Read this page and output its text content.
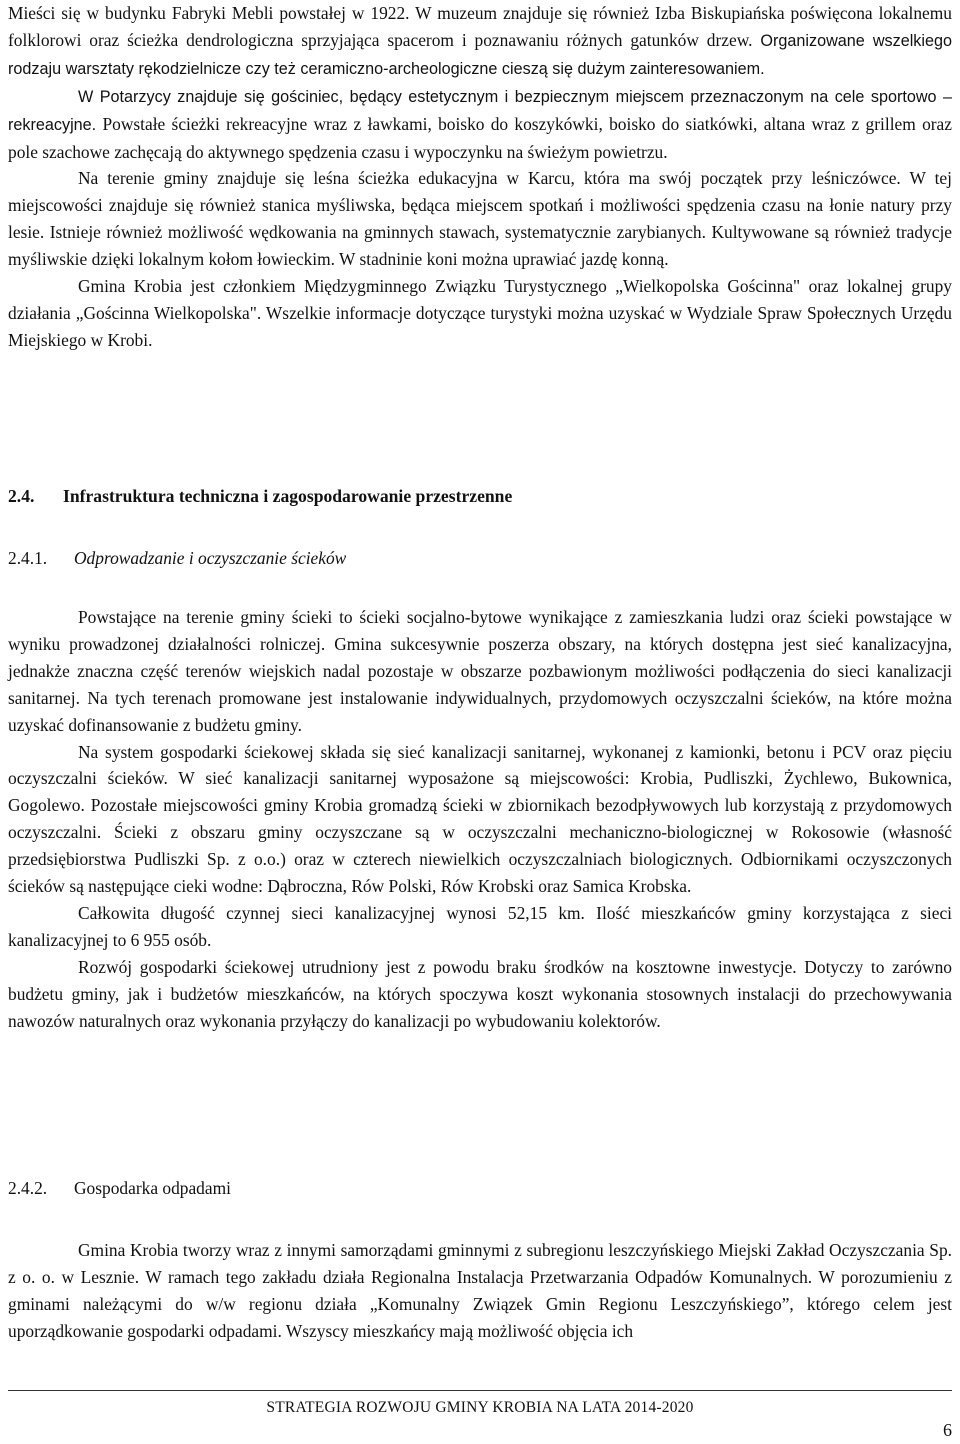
Mieści się w budynku Fabryki Mebli powstałej w 1922. W muzeum znajduje się również Izba Biskupiańska poświęcona lokalnemu folklorowi oraz ścieżka dendrologiczna sprzyjająca spacerom i poznawaniu różnych gatunków drzew. Organizowane wszelkiego rodzaju warsztaty rękodzielnicze czy też ceramiczno-archeologiczne cieszą się dużym zainteresowaniem.

W Potarzycy znajduje się gościniec, będący estetycznym i bezpiecznym miejscem przeznaczonym na cele sportowo – rekreacyjne. Powstałe ścieżki rekreacyjne wraz z ławkami, boisko do koszykówki, boisko do siatkówki, altana wraz z grillem oraz pole szachowe zachęcają do aktywnego spędzenia czasu i wypoczynku na świeżym powietrzu.

Na terenie gminy znajduje się leśna ścieżka edukacyjna w Karcu, która ma swój początek przy leśniczówce. W tej miejscowości znajduje się również stanica myśliwska, będąca miejscem spotkań i możliwości spędzenia czasu na łonie natury przy lesie. Istnieje również możliwość wędkowania na gminnych stawach, systematycznie zarybianych. Kultywowane są również tradycje myśliwskie dzięki lokalnym kołom łowieckim. W stadninie koni można uprawiać jazdę konną.

Gmina Krobia jest członkiem Międzygminnego Związku Turystycznego „Wielkopolska Gościnna" oraz lokalnej grupy działania „Gościnna Wielkopolska". Wszelkie informacje dotyczące turystyki można uzyskać w Wydziale Spraw Społecznych Urzędu Miejskiego w Krobi.

2.4. Infrastruktura techniczna i zagospodarowanie przestrzenne
2.4.1. Odprowadzanie i oczyszczanie ścieków

Powstające na terenie gminy ścieki to ścieki socjalno-bytowe wynikające z zamieszkania ludzi oraz ścieki powstające w wyniku prowadzonej działalności rolniczej. Gmina sukcesywnie poszerza obszary, na których dostępna jest sieć kanalizacyjna, jednakże znaczna część terenów wiejskich nadal pozostaje w obszarze pozbawionym możliwości podłączenia do sieci kanalizacji sanitarnej. Na tych terenach promowane jest instalowanie indywidualnych, przydomowych oczyszczalni ścieków, na które można uzyskać dofinansowanie z budżetu gminy.

Na system gospodarki ściekowej składa się sieć kanalizacji sanitarnej, wykonanej z kamionki, betonu i PCV oraz pięciu oczyszczalni ścieków. W sieć kanalizacji sanitarnej wyposażone są miejscowości: Krobia, Pudliszki, Żychlewo, Bukownica, Gogolewo. Pozostałe miejscowości gminy Krobia gromadzą ścieki w zbiornikach bezodpływowych lub korzystają z przydomowych oczyszczalni. Ścieki z obszaru gminy oczyszczane są w oczyszczalni mechaniczno-biologicznej w Rokosowie (własność przedsiębiorstwa Pudliszki Sp. z o.o.) oraz w czterech niewielkich oczyszczalniach biologicznych. Odbiornikami oczyszczonych ścieków są następujące cieki wodne: Dąbroczna, Rów Polski, Rów Krobski oraz Samica Krobska.

Całkowita długość czynnej sieci kanalizacyjnej wynosi 52,15 km. Ilość mieszkańców gminy korzystająca z sieci kanalizacyjnej to 6 955 osób.

Rozwój gospodarki ściekowej utrudniony jest z powodu braku środków na kosztowne inwestycje. Dotyczy to zarówno budżetu gminy, jak i budżetów mieszkańców, na których spoczywa koszt wykonania stosownych instalacji do przechowywania nawozów naturalnych oraz wykonania przyłączy do kanalizacji po wybudowaniu kolektorów.

2.4.2. Gospodarka odpadami

Gmina Krobia tworzy wraz z innymi samorządami gminnymi z subregionu leszczyńskiego Miejski Zakład Oczyszczania Sp. z o. o. w Lesznie. W ramach tego zakładu działa Regionalna Instalacja Przetwarzania Odpadów Komunalnych. W porozumieniu z gminami należącymi do w/w regionu działa „Komunalny Związek Gmin Regionu Leszczyńskiego”, którego celem jest uporządkowanie gospodarki odpadami. Wszyscy mieszkańcy mają możliwość objęcia ich

STRATEGIA ROZWOJU GMINY KROBIA NA LATA 2014-2020
6
